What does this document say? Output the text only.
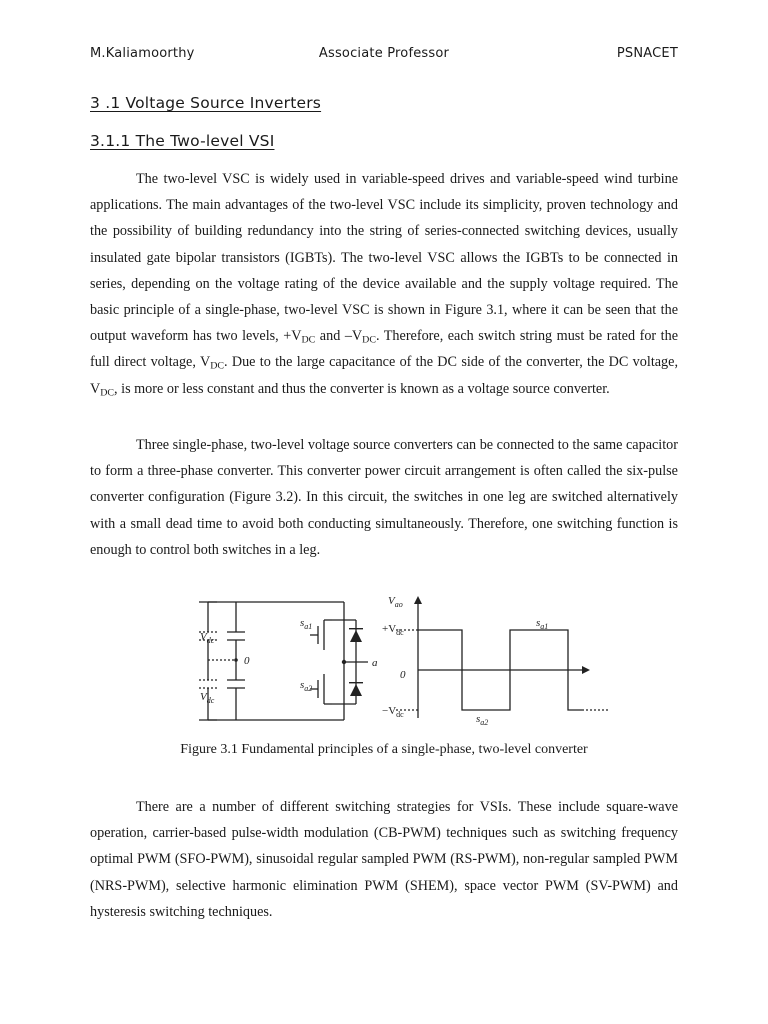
M.Kaliamoorthy	Associate Professor	PSNACET
3 .1 Voltage Source Inverters
3.1.1 The Two-level VSI

The two-level VSC is widely used in variable-speed drives and variable-speed wind turbine applications. The main advantages of the two-level VSC include its simplicity, proven technology and the possibility of building redundancy into the string of series-connected switching devices, usually insulated gate bipolar transistors (IGBTs). The two-level VSC allows the IGBTs to be connected in series, depending on the voltage rating of the device available and the supply voltage required. The basic principle of a single-phase, two-level VSC is shown in Figure 3.1, where it can be seen that the output waveform has two levels, $+V_{DC}$ and $-V_{DC}$. Therefore, each switch string must be rated for the full direct voltage, $V_{DC}$. Due to the large capacitance of the DC side of the converter, the DC voltage, $V_{DC}$, is more or less constant and thus the converter is known as a voltage source converter.

Three single-phase, two-level voltage source converters can be connected to the same capacitor to form a three-phase converter. This converter power circuit arrangement is often called the six-pulse converter configuration (Figure 3.2). In this circuit, the switches in one leg are switched alternatively with a small dead time to avoid both conducting simultaneously. Therefore, one switching function is enough to control both switches in a leg.

$V_{dc}$
$V_{dc}$
0
$s_{a1}$
$s_{a2}$
a
$V_{ao}$
$+V_{dc}$
0
$-V_{dc}$
$s_{a1}$
$s_{a2}$
Figure 3.1 Fundamental principles of a single-phase, two-level converter

There are a number of different switching strategies for VSIs. These include square-wave operation, carrier-based pulse-width modulation (CB-PWM) techniques such as switching frequency optimal PWM (SFO-PWM), sinusoidal regular sampled PWM (RS-PWM), non-regular sampled PWM (NRS-PWM), selective harmonic elimination PWM (SHEM), space vector PWM (SV-PWM) and hysteresis switching techniques.
